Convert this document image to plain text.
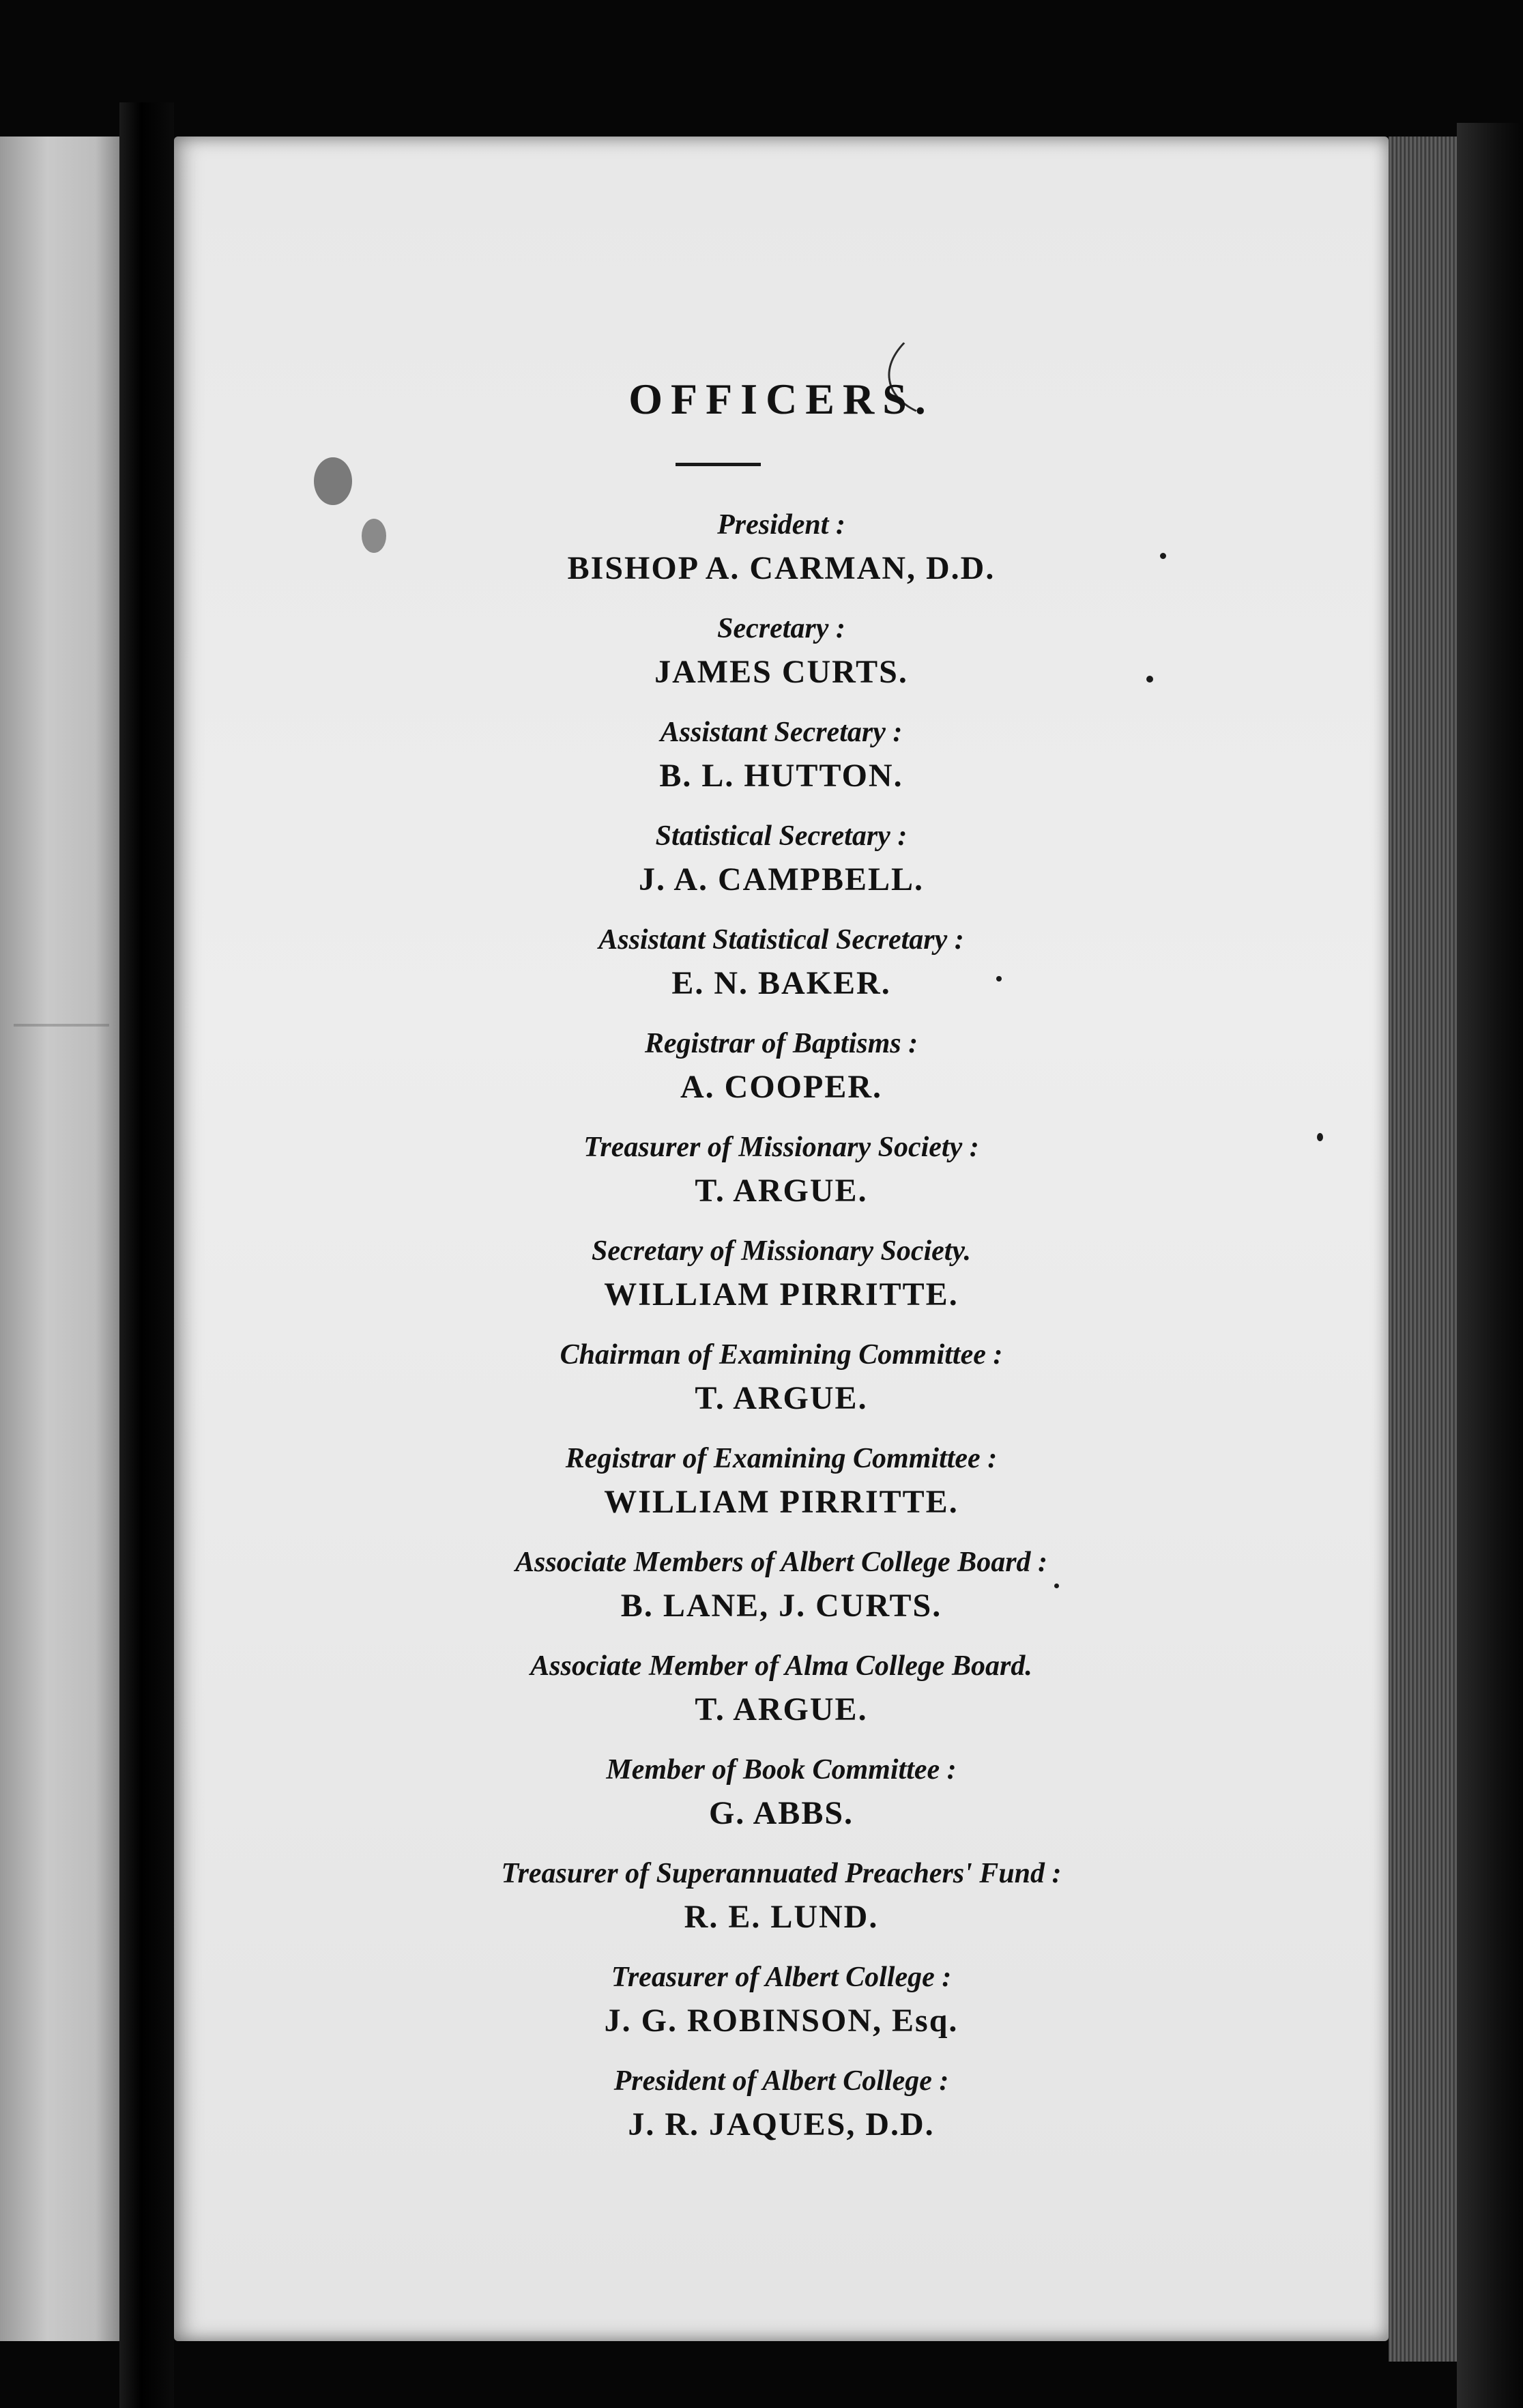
OFFICERS.
President :
BISHOP A. CARMAN, D.D.
Secretary :
JAMES CURTS.
Assistant Secretary :
B. L. HUTTON.
Statistical Secretary :
J. A. CAMPBELL.
Assistant Statistical Secretary :
E. N. BAKER.
Registrar of Baptisms :
A. COOPER.
Treasurer of Missionary Society :
T. ARGUE.
Secretary of Missionary Society.
WILLIAM PIRRITTE.
Chairman of Examining Committee :
T. ARGUE.
Registrar of Examining Committee :
WILLIAM PIRRITTE.
Associate Members of Albert College Board :
B. LANE, J. CURTS.
Associate Member of Alma College Board.
T. ARGUE.
Member of Book Committee :
G. ABBS.
Treasurer of Superannuated Preachers' Fund :
R. E. LUND.
Treasurer of Albert College :
J. G. ROBINSON, Esq.
President of Albert College :
J. R. JAQUES, D.D.
